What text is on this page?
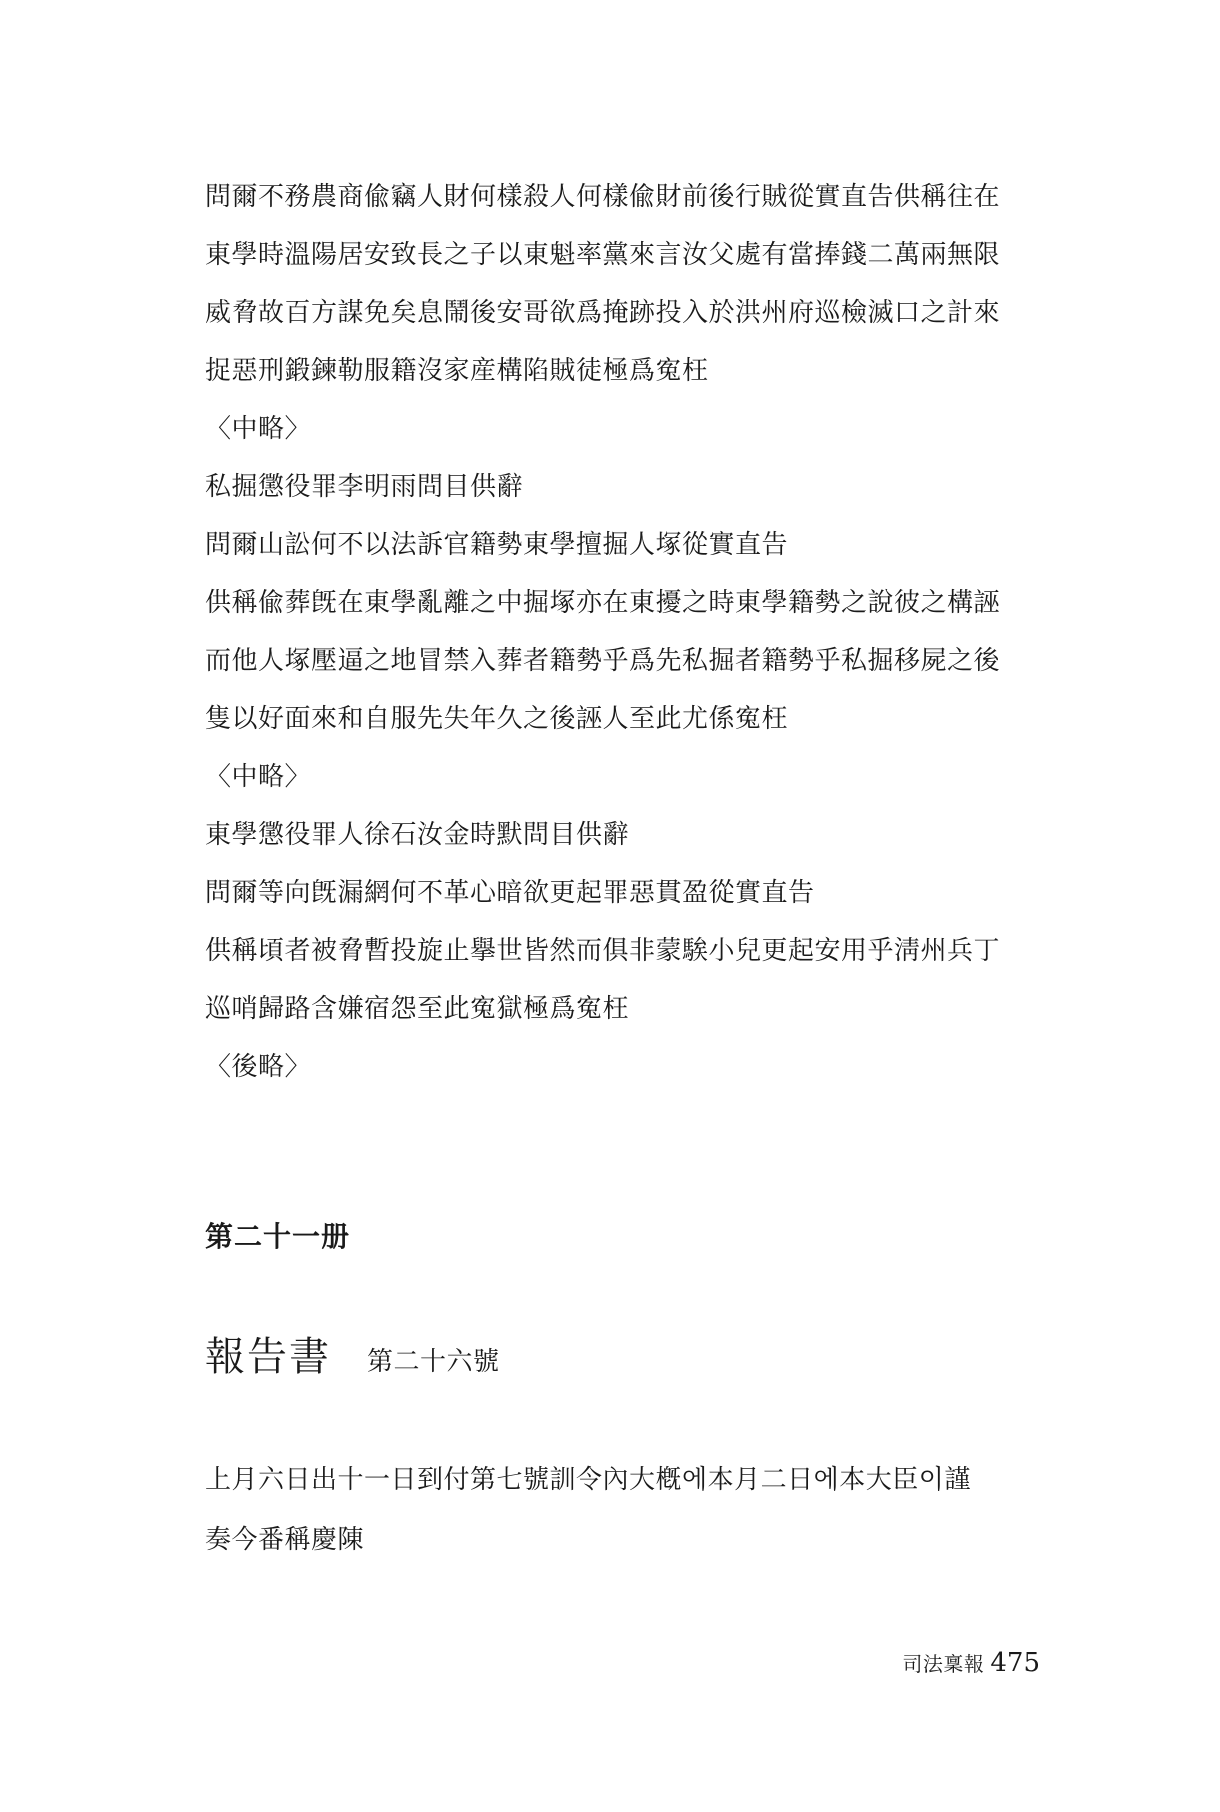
問爾不務農商偸竊人財何樣殺人何樣偸財前後行賊從實直告供稱往在
東學時溫陽居安致長之子以東魁率黨來言汝父處有當捧錢二萬兩無限
威脅故百方謀免矣息鬧後安哥欲爲掩跡投入於洪州府巡檢滅口之計來
捉惡刑鍛鍊勒服籍沒家産構陷賊徒極爲寃枉
〈中略〉
私掘懲役罪李明雨問目供辭
問爾山訟何不以法訴官籍勢東學擅掘人塚從實直告
供稱偸葬旣在東學亂離之中掘塚亦在東擾之時東學籍勢之說彼之構誣
而他人塚壓逼之地冒禁入葬者籍勢乎爲先私掘者籍勢乎私掘移屍之後
隻以好面來和自服先失年久之後誣人至此尤係寃枉
〈中略〉
東學懲役罪人徐石汝金時默問目供辭
問爾等向旣漏網何不革心暗欲更起罪惡貫盈從實直告
供稱頃者被脅暫投旋止擧世皆然而俱非蒙騃小兒更起安用乎淸州兵丁
巡哨歸路含嫌宿怨至此寃獄極爲寃枉
〈後略〉
第二十一册
報告書 第二十六號
上月六日出十一日到付第七號訓令內大槪에本月二日에本大臣이謹
奏今番稱慶陳
司法稟報 475
